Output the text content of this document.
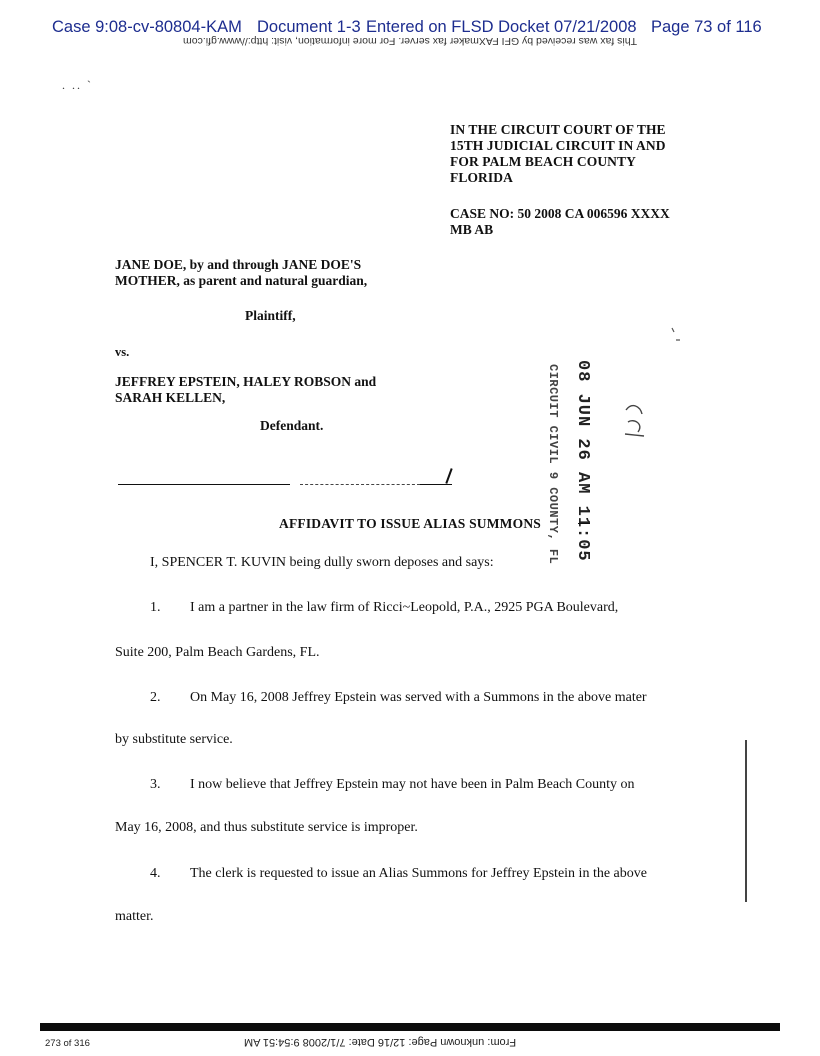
Case 9:08-cv-80804-KAM Document 1-3 Entered on FLSD Docket 07/21/2008 Page 73 of 116
This fax was received by GFI FAXmaker fax server. For more information, visit: http://www.gfi.com
. .. `
IN THE CIRCUIT COURT OF THE
15TH JUDICIAL CIRCUIT IN AND
FOR PALM BEACH COUNTY
FLORIDA
CASE NO: 50 2008 CA 006596 XXXX
MB AB
JANE DOE, by and through JANE DOE'S
MOTHER, as parent and natural guardian,
Plaintiff,
vs.
JEFFREY EPSTEIN, HALEY ROBSON and
SARAH KELLEN,
Defendant.	08 JUN 26 AM 11:05
CIRCUIT CIVIL 9 COUNTY, FL
AFFIDAVIT TO ISSUE ALIAS SUMMONS
I, SPENCER T. KUVIN being dully sworn deposes and says:
1.	I am a partner in the law firm of Ricci~Leopold, P.A., 2925 PGA Boulevard,
Suite 200, Palm Beach Gardens, FL.
2. On May 16, 2008 Jeffrey Epstein was served with a Summons in the above mater
by substitute service.
3. I now believe that Jeffrey Epstein may not have been in Palm Beach County on
May 16, 2008, and thus substitute service is improper.
4. The clerk is requested to issue an Alias Summons for Jeffrey Epstein in the above
matter.
273 of 316	From: unknown Page: 12/16 Date: 7/1/2008 9:54:51 AM
